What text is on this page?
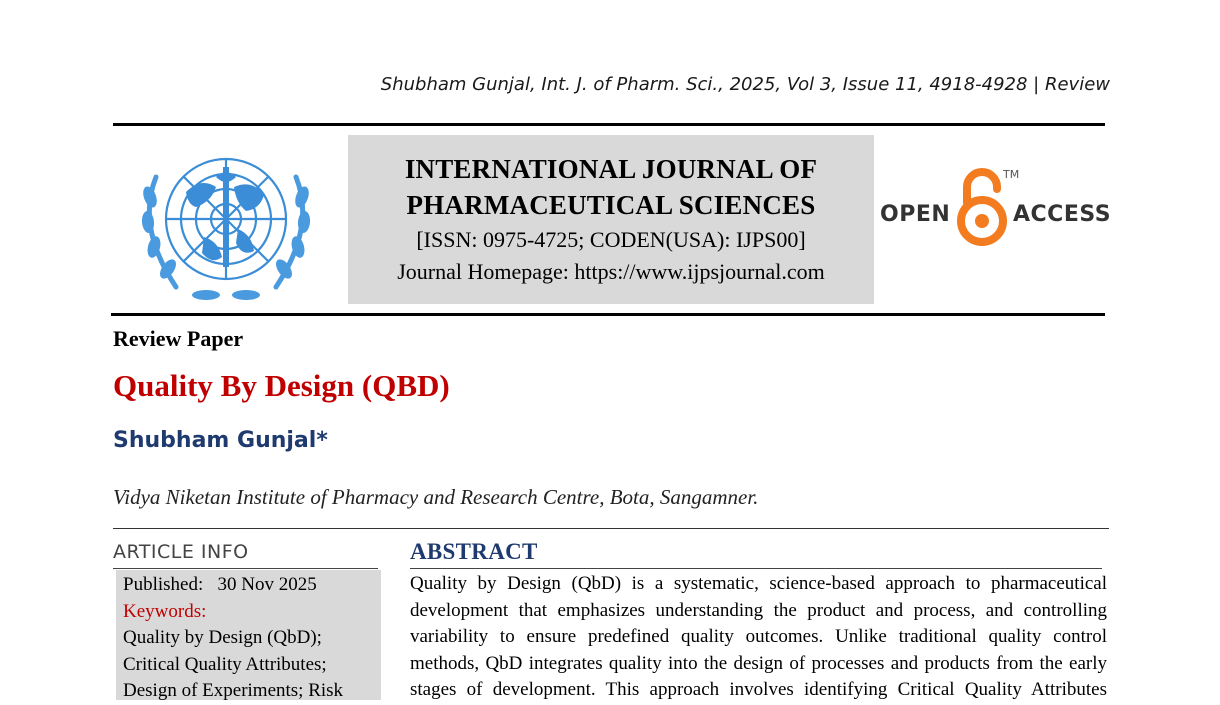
Shubham Gunjal, Int. J. of Pharm. Sci., 2025, Vol 3, Issue 11, 4918-4928 | Review
INTERNATIONAL JOURNAL OF
PHARMACEUTICAL SCIENCES
[ISSN: 0975-4725; CODEN(USA): IJPS00]
Journal Homepage: https://www.ijpsjournal.com
OPEN
TM
ACCESS
Review Paper
Quality By Design (QBD)
Shubham Gunjal*
Vidya Niketan Institute of Pharmacy and Research Centre, Bota, Sangamner.
ARTICLE INFO
Published: 30 Nov 2025
Keywords:
Quality by Design (QbD);
Critical Quality Attributes;
Design of Experiments; Risk
ABSTRACT
Quality by Design (QbD) is a systematic, science-based approach to pharmaceutical
development that emphasizes understanding the product and process, and controlling
variability to ensure predefined quality outcomes. Unlike traditional quality control
methods, QbD integrates quality into the design of processes and products from the early
stages of development. This approach involves identifying Critical Quality Attributes
